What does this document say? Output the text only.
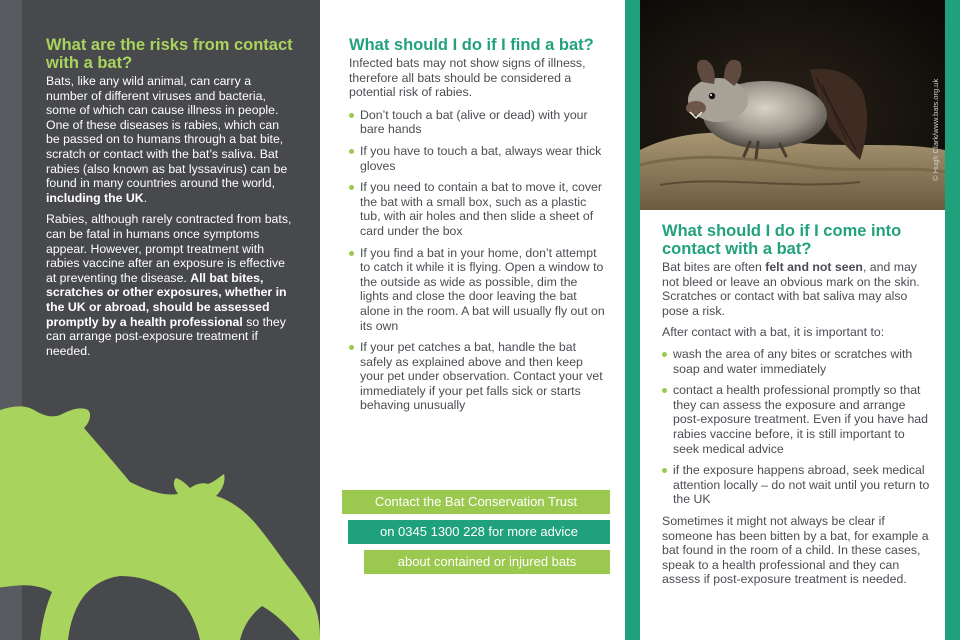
What are the risks from contact with a bat?

Bats, like any wild animal, can carry a number of different viruses and bacteria, some of which can cause illness in people. One of these diseases is rabies, which can be passed on to humans through a bat bite, scratch or contact with the bat’s saliva. Bat rabies (also known as bat lyssavirus) can be found in many countries around the world, including the UK.

Rabies, although rarely contracted from bats, can be fatal in humans once symptoms appear. However, prompt treatment with rabies vaccine after an exposure is effective at preventing the disease. All bat bites, scratches or other exposures, whether in the UK or abroad, should be assessed promptly by a health professional so they can arrange post-exposure treatment if needed.

What should I do if I find a bat?

Infected bats may not show signs of illness, therefore all bats should be considered a potential risk of rabies.

Don’t touch a bat (alive or dead) with your bare hands
If you have to touch a bat, always wear thick gloves
If you need to contain a bat to move it, cover the bat with a small box, such as a plastic tub, with air holes and then slide a sheet of card under the box
If you find a bat in your home, don’t attempt to catch it while it is flying. Open a window to the outside as wide as possible, dim the lights and close the door leaving the bat alone in the room. A bat will usually fly out on its own
If your pet catches a bat, handle the bat safely as explained above and then keep your pet under observation. Contact your vet immediately if your pet falls sick or starts behaving unusually
Contact the Bat Conservation Trust
on 0345 1300 228 for more advice
about contained or injured bats
© Hugh Clark/www.bats.org.uk
What should I do if I come into contact with a bat?

Bat bites are often felt and not seen, and may not bleed or leave an obvious mark on the skin. Scratches or contact with bat saliva may also pose a risk.

After contact with a bat, it is important to:

wash the area of any bites or scratches with soap and water immediately
contact a health professional promptly so that they can assess the exposure and arrange post-exposure treatment. Even if you have had rabies vaccine before, it is still important to seek medical advice
if the exposure happens abroad, seek medical attention locally – do not wait until you return to the UK

Sometimes it might not always be clear if someone has been bitten by a bat, for example a bat found in the room of a child. In these cases, speak to a health professional and they can assess if post-exposure treatment is needed.
